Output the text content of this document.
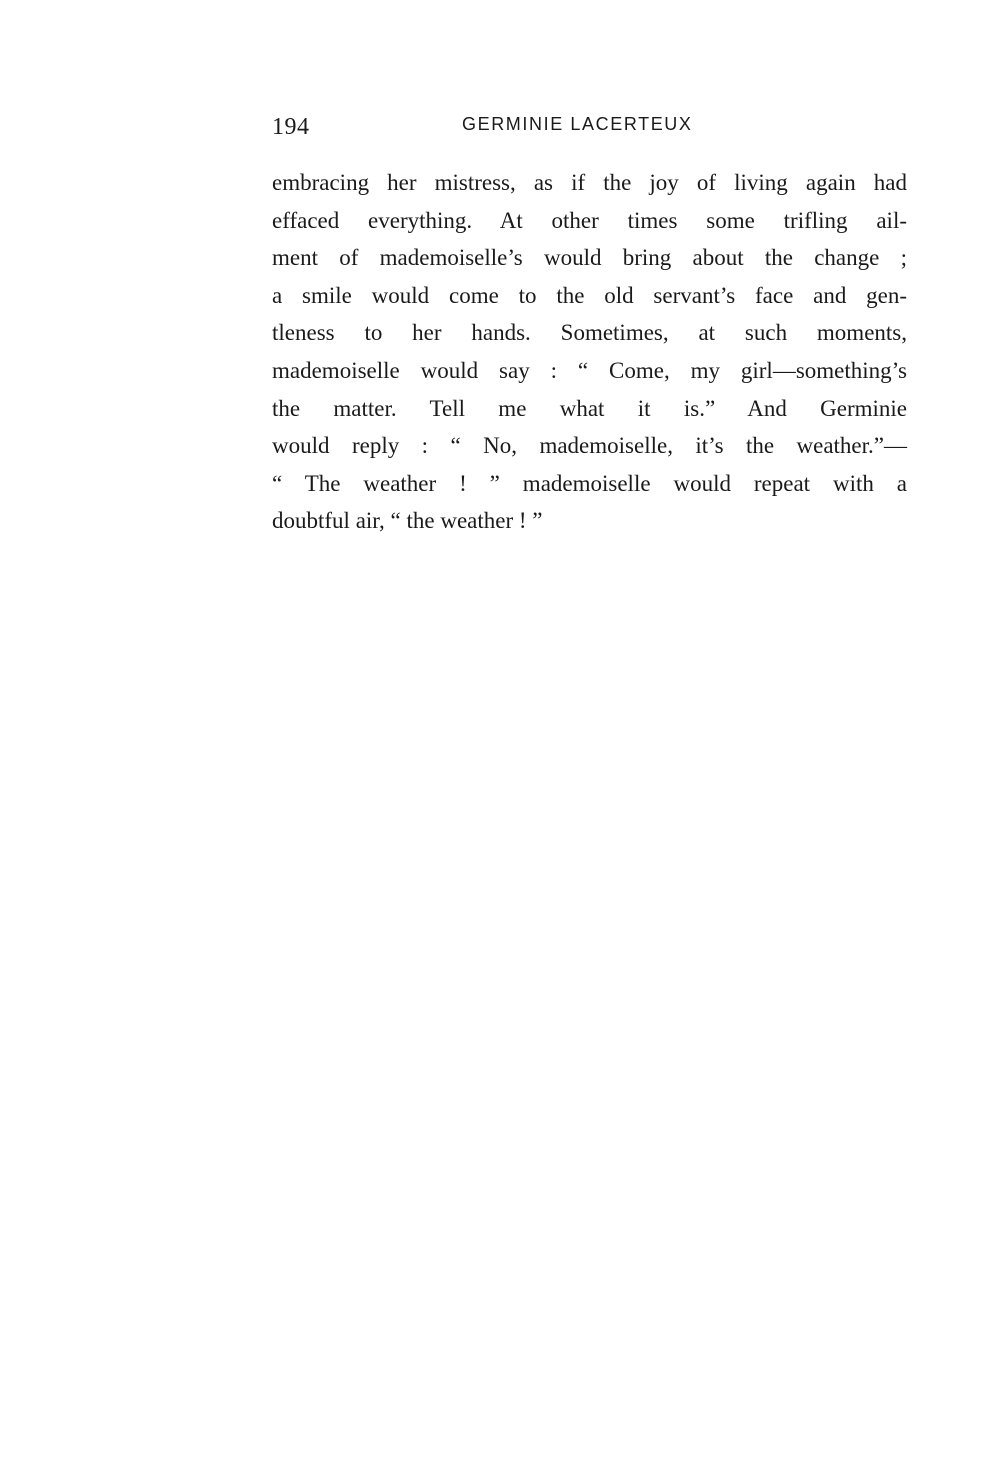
194	GERMINIE LACERTEUX
embracing her mistress, as if the joy of living again had
effaced everything. At other times some trifling ail-
ment of mademoiselle’s would bring about the change ;
a smile would come to the old servant’s face and gen-
tleness to her hands. Sometimes, at such moments,
mademoiselle would say : “ Come, my girl—something’s
the matter. Tell me what it is.” And Germinie
would reply : “ No, mademoiselle, it’s the weather.”—
“ The weather ! ” mademoiselle would repeat with a
doubtful air, “ the weather ! ”
